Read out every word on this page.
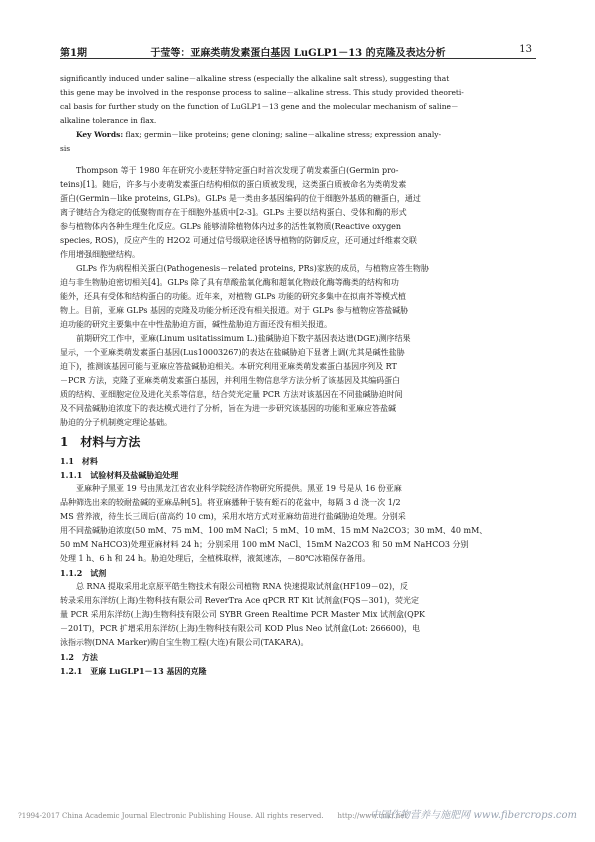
第1期	于莹等：亚麻类萌发素蛋白基因 LuGLP1－13 的克隆及表达分析	13

significantly induced under saline－alkaline stress (especially the alkaline salt stress), suggesting that

this gene may be involved in the response process to saline－alkaline stress. This study provided theoreti-

cal basis for further study on the function of LuGLP1－13 gene and the molecular mechanism of saline－

alkaline tolerance in flax.

Key Words: flax; germin－like proteins; gene cloning; saline－alkaline stress; expression analy-

sis

Thompson 等于 1980 年在研究小麦胚芽特定蛋白时首次发现了萌发素蛋白(Germin pro-

teins)[1]。随后，许多与小麦萌发素蛋白结构相似的蛋白质被发现，这类蛋白质被命名为类萌发素

蛋白(Germin－like proteins, GLPs)。GLPs 是一类由多基因编码的位于细胞外基质的糖蛋白，通过

离子键结合为稳定的低聚物而存在于细胞外基质中[2-3]。GLPs 主要以结构蛋白、受体和酶的形式

参与植物体内各种生理生化反应。GLPs 能够清除植物体内过多的活性氧物质(Reactive oxygen

species, ROS)，反应产生的 H2O2 可通过信号级联途径诱导植物的防御反应，还可通过纤维素交联

作用增强细胞壁结构。

GLPs 作为病程相关蛋白(Pathogenesis－related proteins, PRs)家族的成员，与植物应答生物胁

迫与非生物胁迫密切相关[4]。GLPs 除了具有草酸盐氧化酶和超氧化物歧化酶等酶类的结构和功

能外，还具有受体和结构蛋白的功能。近年来，对植物 GLPs 功能的研究多集中在拟南芥等模式植

物上。目前，亚麻 GLPs 基因的克隆及功能分析还没有相关报道。对于 GLPs 参与植物应答盐碱胁

迫功能的研究主要集中在中性盐胁迫方面，碱性盐胁迫方面还没有相关报道。

前期研究工作中，亚麻(Linum usitatissimum L.)盐碱胁迫下数字基因表达谱(DGE)测序结果

显示，一个亚麻类萌发素蛋白基因(Lus10003267)的表达在盐碱胁迫下显著上调(尤其是碱性盐胁

迫下)，推测该基因可能与亚麻应答盐碱胁迫相关。本研究利用亚麻类萌发素蛋白基因序列及 RT

－PCR 方法，克隆了亚麻类萌发素蛋白基因，并利用生物信息学方法分析了该基因及其编码蛋白

质的结构、亚细胞定位及进化关系等信息，结合荧光定量 PCR 方法对该基因在不同盐碱胁迫时间

及不同盐碱胁迫浓度下的表达模式进行了分析，旨在为进一步研究该基因的功能和亚麻应答盐碱

胁迫的分子机制奠定理论基础。

1　材料与方法
1.1　材料
1.1.1　试验材料及盐碱胁迫处理

亚麻种子黑亚 19 号由黑龙江省农业科学院经济作物研究所提供。黑亚 19 号是从 16 份亚麻

品种筛选出来的较耐盐碱的亚麻品种[5]。将亚麻播种于装有蛭石的花盆中，每隔 3 d 浇一次 1/2

MS 营养液，待生长三周后(苗高约 10 cm)，采用水培方式对亚麻幼苗进行盐碱胁迫处理。分别采

用不同盐碱胁迫浓度(50 mM、75 mM、100 mM NaCl；5 mM、10 mM、15 mM Na2CO3；30 mM、40 mM、

50 mM NaHCO3)处理亚麻材料 24 h；分别采用 100 mM NaCl、15mM Na2CO3 和 50 mM NaHCO3 分别

处理 1 h、6 h 和 24 h。胁迫处理后，全植株取样，液氮速冻，－80℃冰箱保存备用。

1.1.2　试剂

总 RNA 提取采用北京原平皓生物技术有限公司植物 RNA 快速提取试剂盒(HF109－02)，反

转录采用东洋纺(上海)生物科技有限公司 ReverTra Ace qPCR RT Kit 试剂盒(FQS－301)，荧光定

量 PCR 采用东洋纺(上海)生物科技有限公司 SYBR Green Realtime PCR Master Mix 试剂盒(QPK

－201T)，PCR 扩增采用东洋纺(上海)生物科技有限公司 KOD Plus Neo 试剂盒(Lot: 266600)，电

泳指示物(DNA Marker)购自宝生物工程(大连)有限公司(TAKARA)。

1.2　方法
1.2.1　亚麻 LuGLP1－13 基因的克隆
?1994-2017 China Academic Journal Electronic Publishing House. All rights reserved.　　http://www.cnki.net
中国作物营养与施肥网 www.fibercrops.com
